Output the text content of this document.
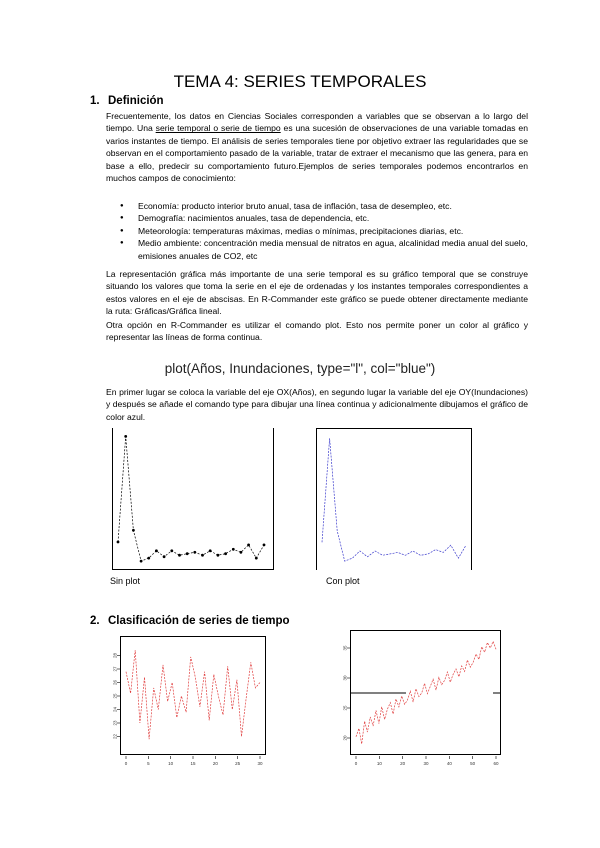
TEMA 4: SERIES TEMPORALES
1. Definición
Frecuentemente, los datos en Ciencias Sociales corresponden a variables que se observan a lo largo del tiempo. Una serie temporal o serie de tiempo es una sucesión de observaciones de una variable tomadas en varios instantes de tiempo. El análisis de series temporales tiene por objetivo extraer las regularidades que se observan en el comportamiento pasado de la variable, tratar de extraer el mecanismo que las genera, para en base a ello, predecir su comportamiento futuro.Ejemplos de series temporales podemos encontrarlos en muchos campos de conocimiento:
● Economía: producto interior bruto anual, tasa de inflación, tasa de desempleo, etc.
● Demografía: nacimientos anuales, tasa de dependencia, etc.
● Meteorología: temperaturas máximas, medias o mínimas, precipitaciones diarias, etc.
● Medio ambiente: concentración media mensual de nitratos en agua, alcalinidad media anual del suelo, emisiones anuales de CO2, etc
La representación gráfica más importante de una serie temporal es su gráfico temporal que se construye situando los valores que toma la serie en el eje de ordenadas y los instantes temporales correspondientes a estos valores en el eje de abscisas. En R-Commander este gráfico se puede obtener directamente mediante la ruta: Gráficas/Gráfica lineal.
Otra opción en R-Commander es utilizar el comando plot. Esto nos permite poner un color al gráfico y representar las líneas de forma continua.
plot(Años, Inundaciones, type="l", col="blue")
En primer lugar se coloca la variable del eje OX(Años), en segundo lugar la variable del eje OY(Inundaciones) y después se añade el comando type para dibujar una línea continua y adicionalmente dibujamos el gráfico de color azul.
Sin plot	Con plot
2. Clasificación de series de tiempo
0	5	10	15	20	25	30
22
23
24
25
26
27
28
0	10	20	30	40	50	60
20
25
30
35
